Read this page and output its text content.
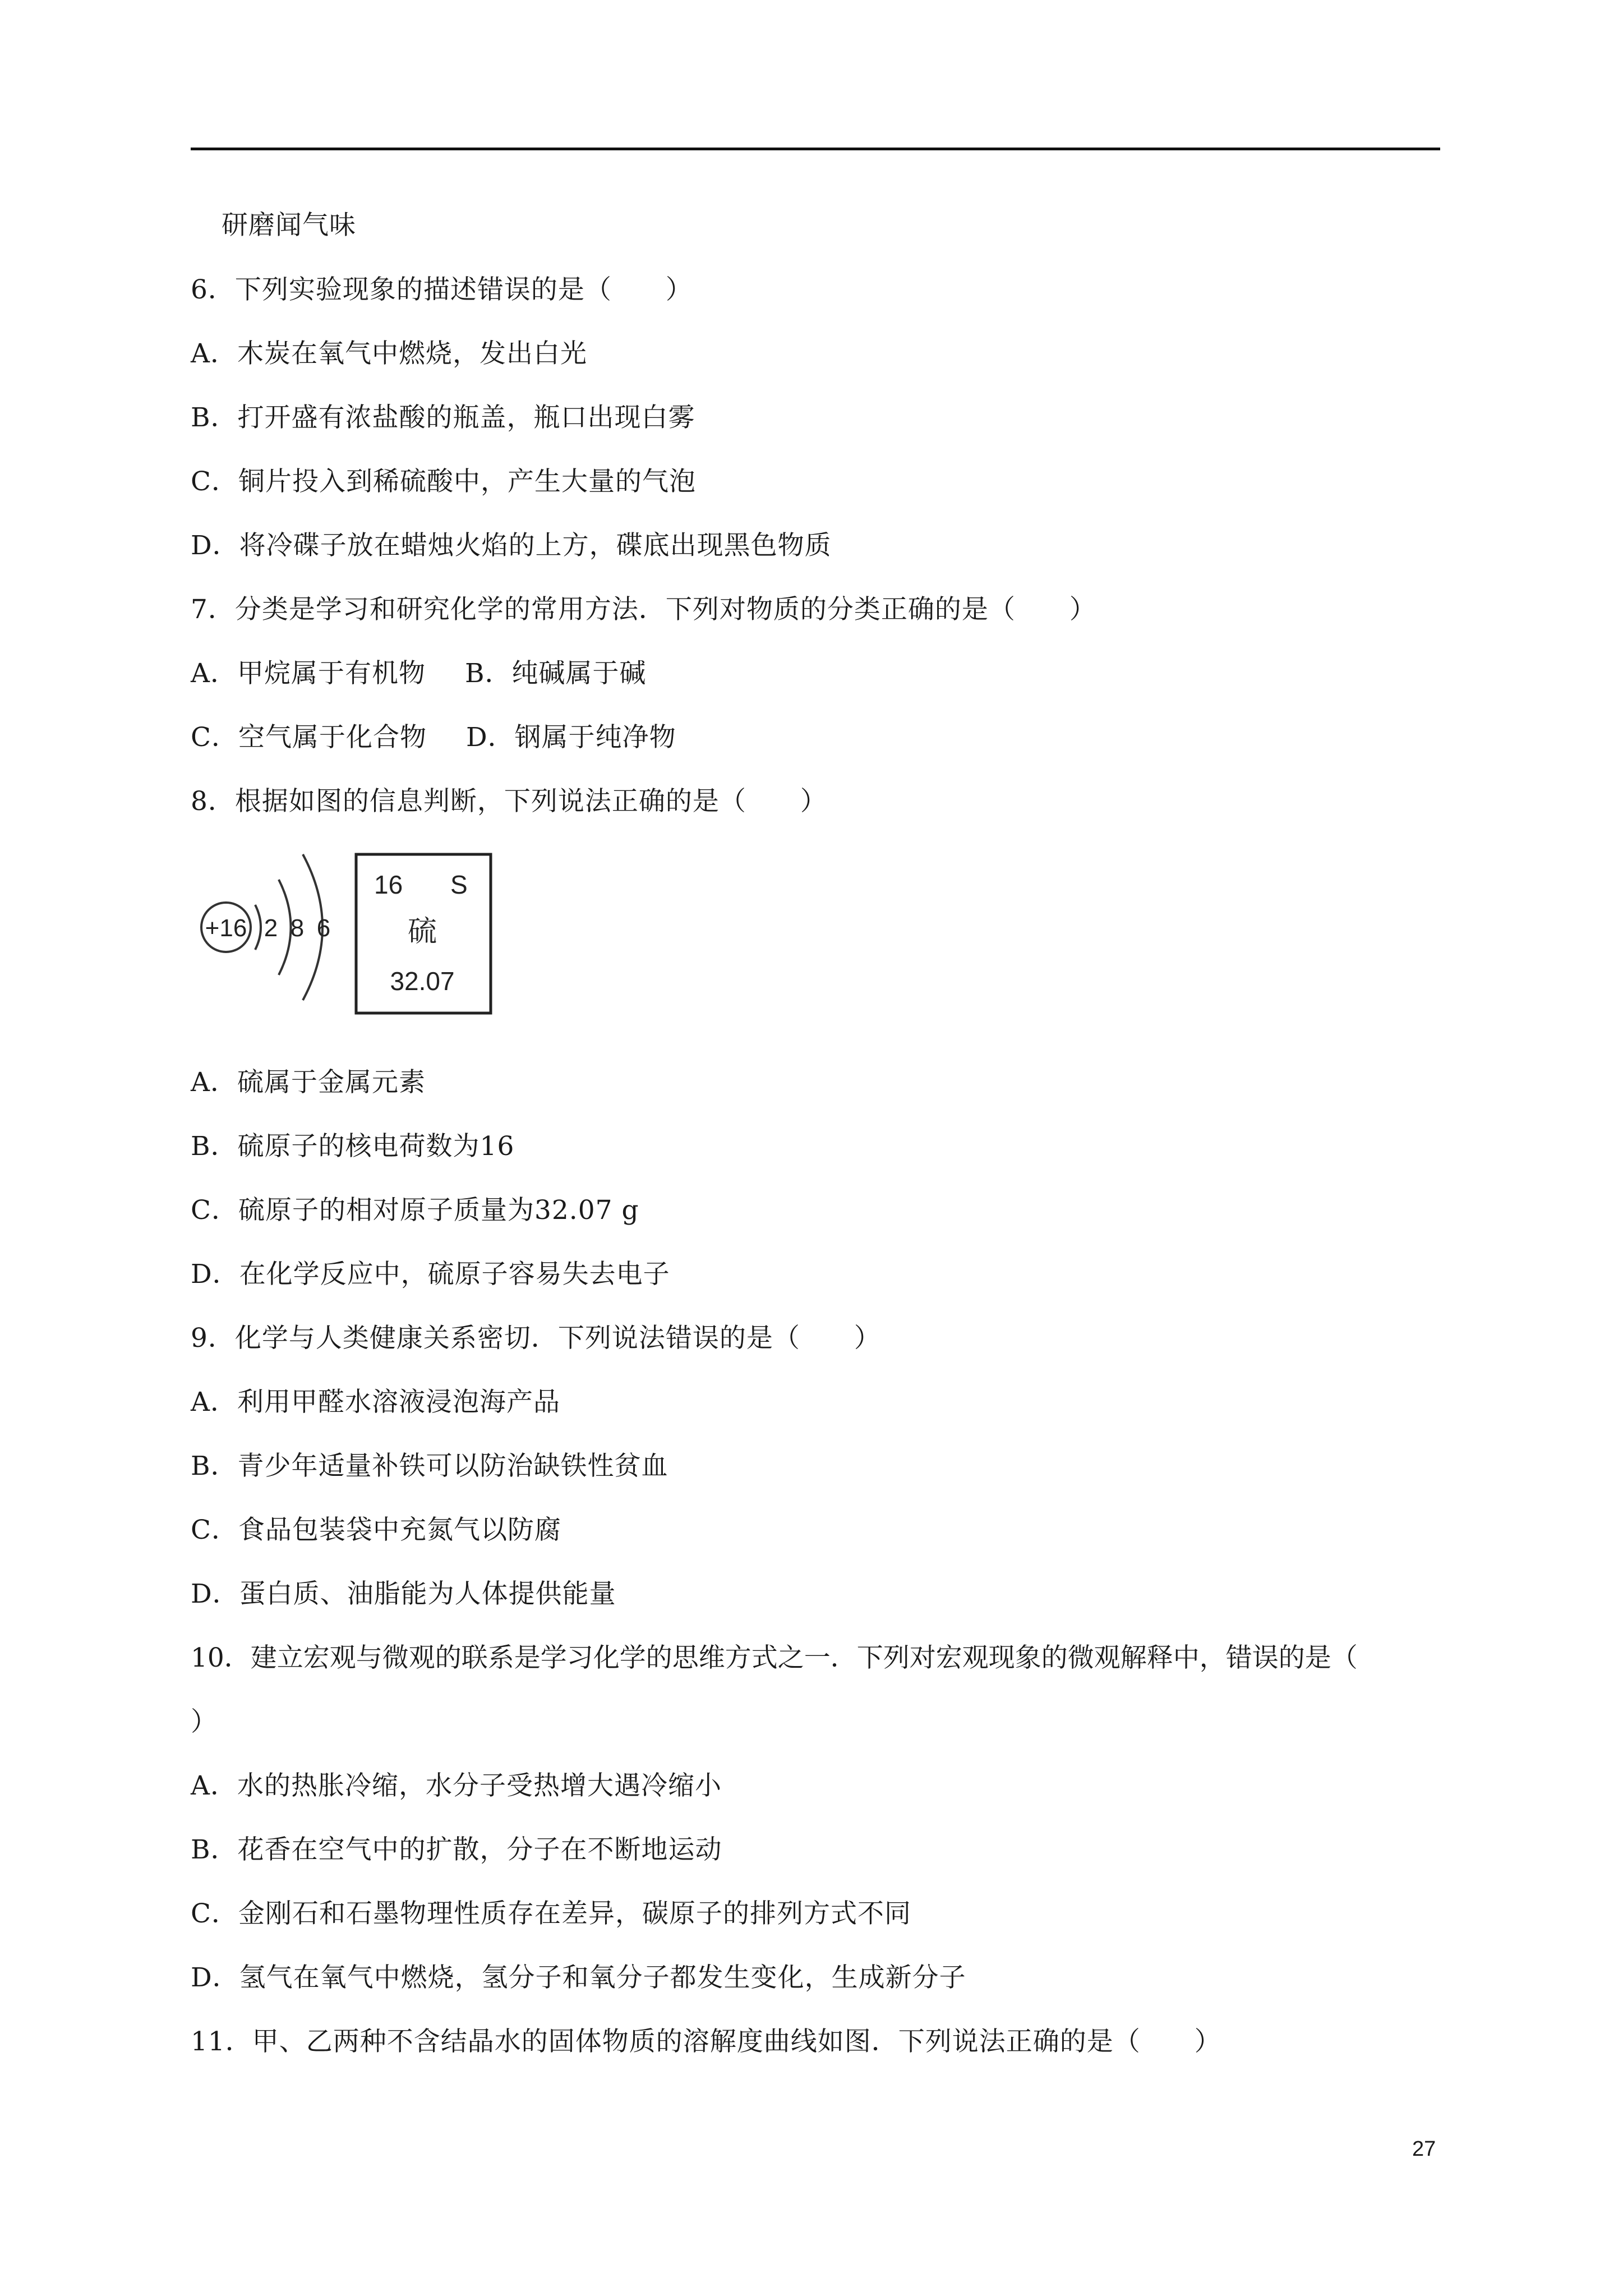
研磨闻气味
6．下列实验现象的描述错误的是（　　）
A．木炭在氧气中燃烧，发出白光
B．打开盛有浓盐酸的瓶盖，瓶口出现白雾
C．铜片投入到稀硫酸中，产生大量的气泡
D．将冷碟子放在蜡烛火焰的上方，碟底出现黑色物质
7．分类是学习和研究化学的常用方法．下列对物质的分类正确的是（　　）
A．甲烷属于有机物 B．纯碱属于碱
C．空气属于化合物 D．钢属于纯净物
8．根据如图的信息判断，下列说法正确的是（　　）
+16 2 8 6
16 S
硫
32.07
A．硫属于金属元素
B．硫原子的核电荷数为16
C．硫原子的相对原子质量为32.07 g
D．在化学反应中，硫原子容易失去电子
9．化学与人类健康关系密切．下列说法错误的是（　　）
A．利用甲醛水溶液浸泡海产品
B．青少年适量补铁可以防治缺铁性贫血
C．食品包装袋中充氮气以防腐
D．蛋白质、油脂能为人体提供能量
10．建立宏观与微观的联系是学习化学的思维方式之一．下列对宏观现象的微观解释中，错误的是（
）
A．水的热胀冷缩，水分子受热增大遇冷缩小
B．花香在空气中的扩散，分子在不断地运动
C．金刚石和石墨物理性质存在差异，碳原子的排列方式不同
D．氢气在氧气中燃烧，氢分子和氧分子都发生变化，生成新分子
11．甲、乙两种不含结晶水的固体物质的溶解度曲线如图．下列说法正确的是（　　）
27
